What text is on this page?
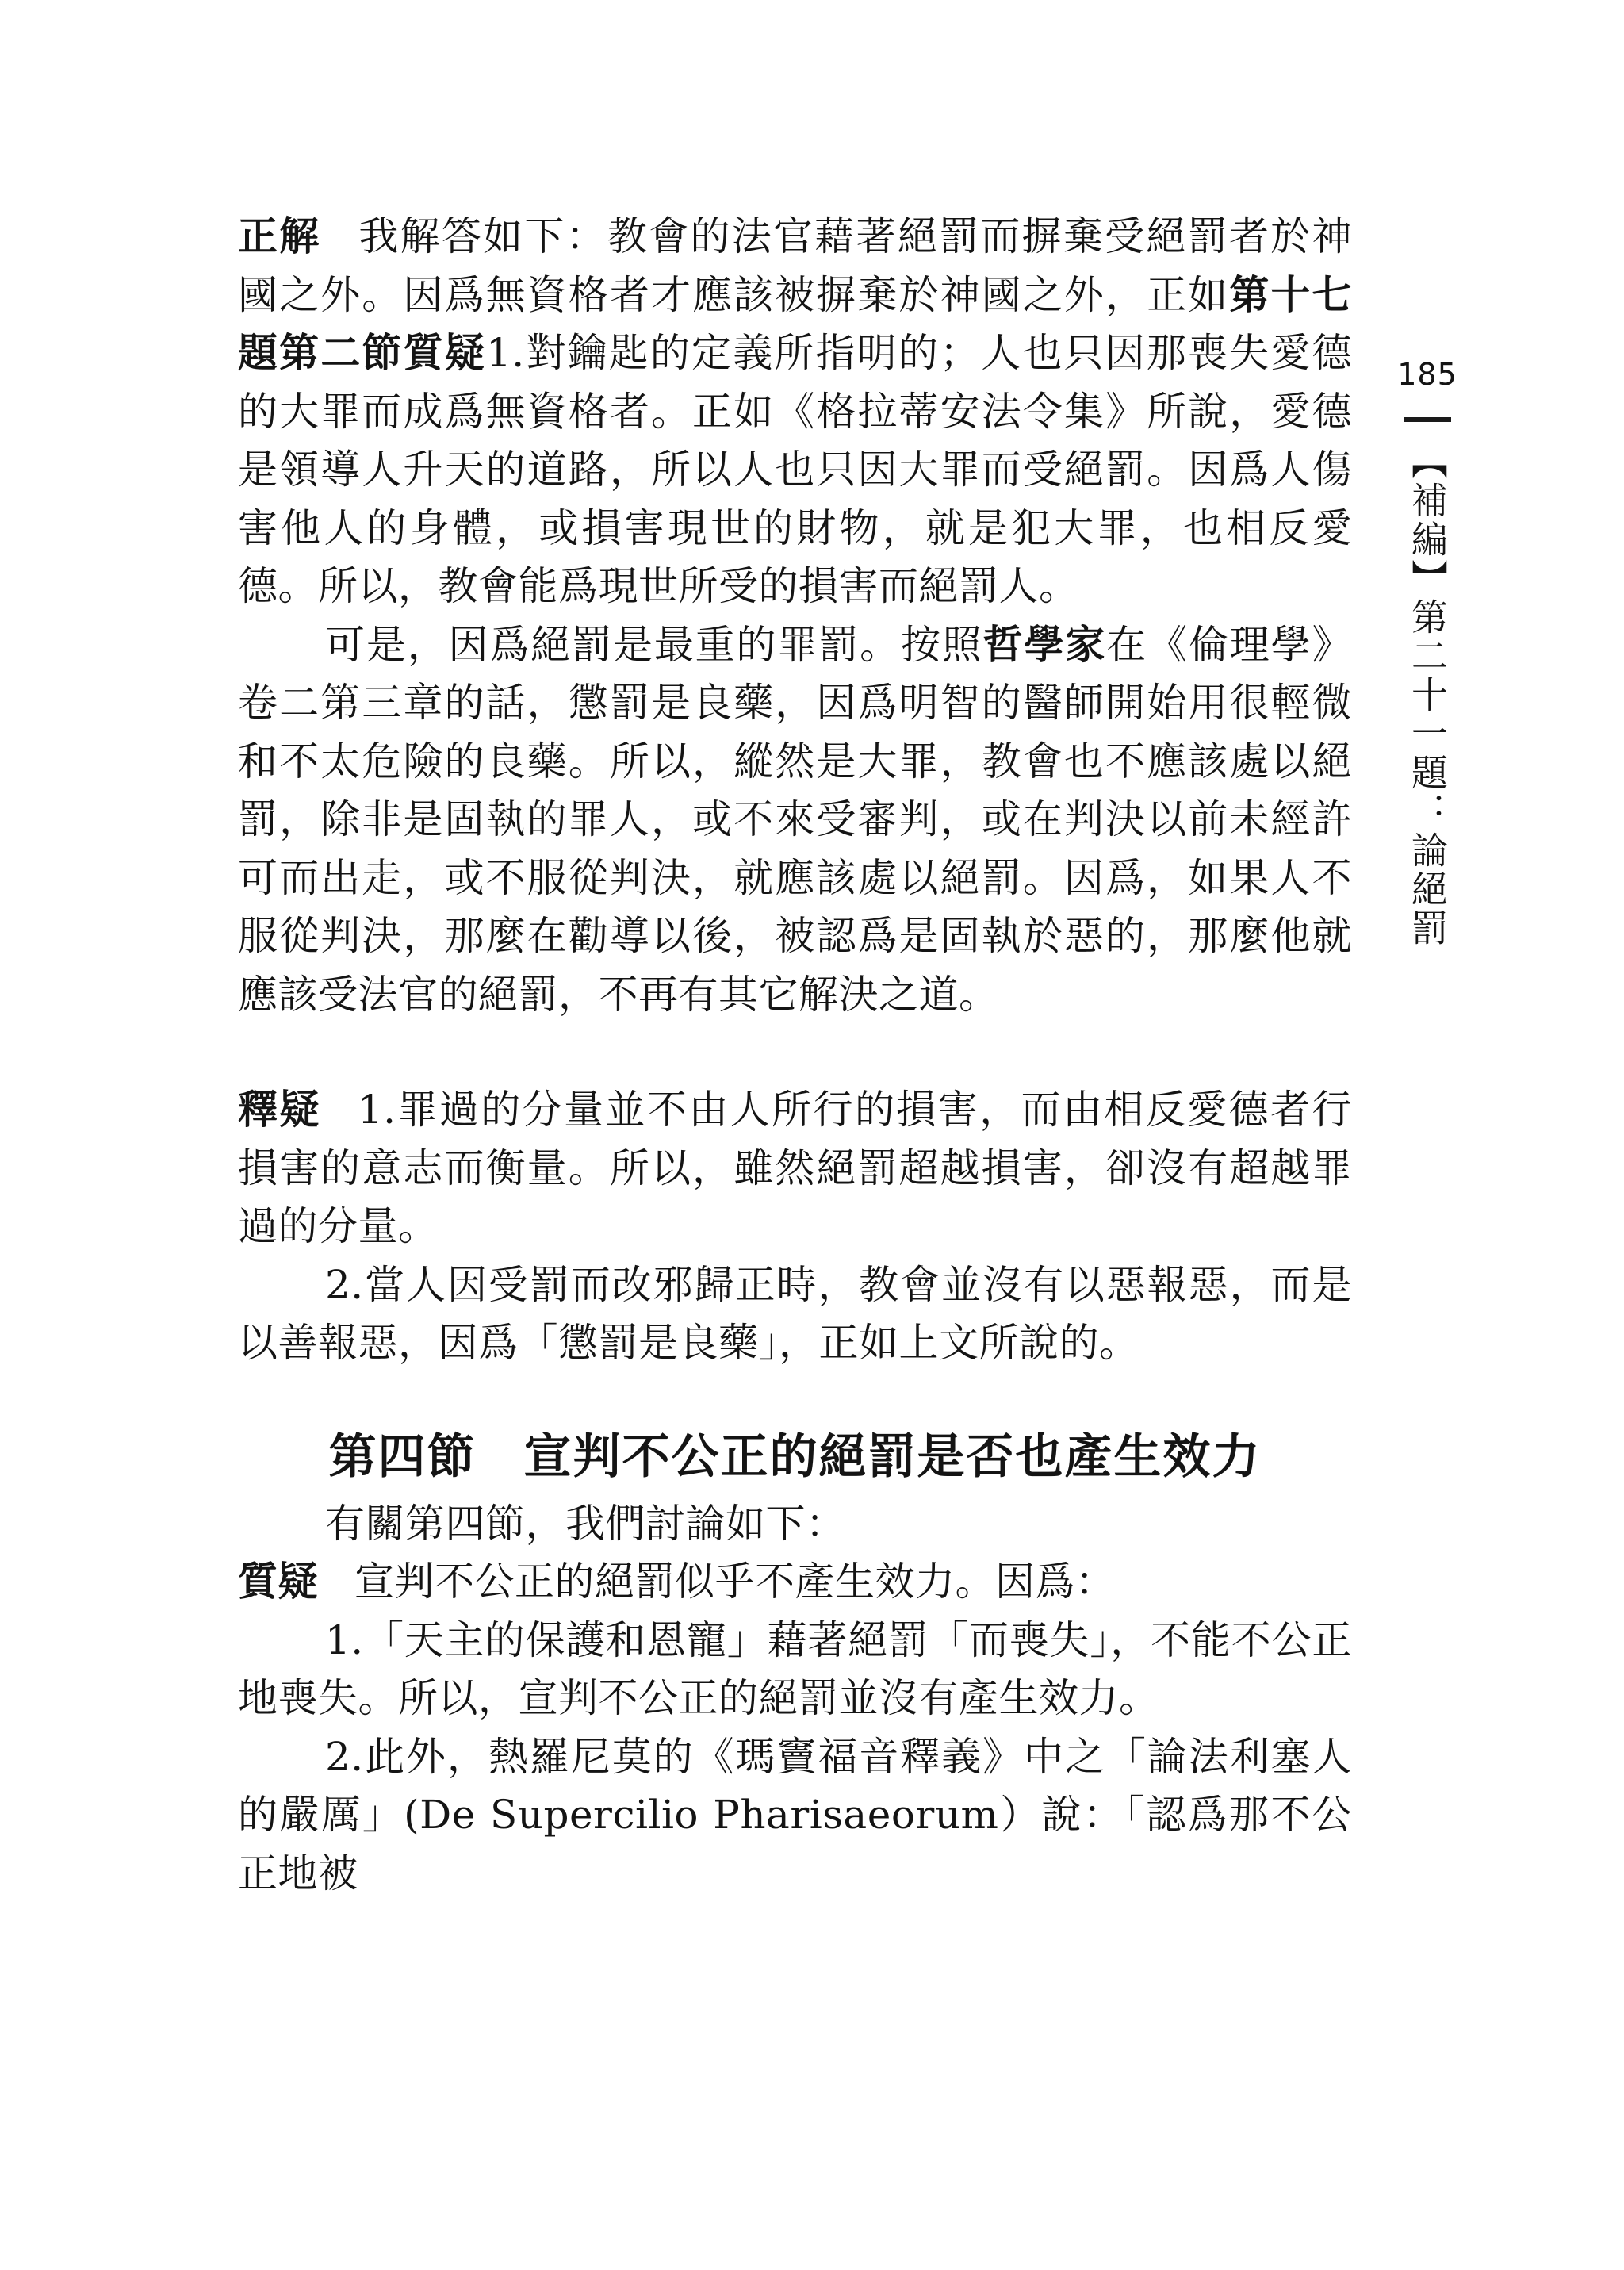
正解 我解答如下：教會的法官藉著絕罰而摒棄受絕罰者於神國之外。因爲無資格者才應該被摒棄於神國之外，正如第十七題第二節質疑1.對鑰匙的定義所指明的；人也只因那喪失愛德的大罪而成爲無資格者。正如《格拉蒂安法令集》所說，愛德是領導人升天的道路，所以人也只因大罪而受絕罰。因爲人傷害他人的身體，或損害現世的財物，就是犯大罪，也相反愛德。所以，教會能爲現世所受的損害而絕罰人。

可是，因爲絕罰是最重的罪罰。按照哲學家在《倫理學》卷二第三章的話，懲罰是良藥，因爲明智的醫師開始用很輕微和不太危險的良藥。所以，縱然是大罪，教會也不應該處以絕罰，除非是固執的罪人，或不來受審判，或在判決以前未經許可而出走，或不服從判決，就應該處以絕罰。因爲，如果人不服從判決，那麼在勸導以後，被認爲是固執於惡的，那麼他就應該受法官的絕罰，不再有其它解決之道。

釋疑 1.罪過的分量並不由人所行的損害，而由相反愛德者行損害的意志而衡量。所以，雖然絕罰超越損害，卻沒有超越罪過的分量。

2.當人因受罰而改邪歸正時，教會並沒有以惡報惡，而是以善報惡，因爲「懲罰是良藥」，正如上文所說的。

第四節 宣判不公正的絕罰是否也產生效力

有關第四節，我們討論如下：

質疑 宣判不公正的絕罰似乎不產生效力。因爲：

1.「天主的保護和恩寵」藉著絕罰「而喪失」，不能不公正地喪失。所以，宣判不公正的絕罰並沒有產生效力。

2.此外，熱羅尼莫的《瑪竇福音釋義》中之「論法利塞人的嚴厲」(De Supercilio Pharisaeorum）說：「認爲那不公正地被

185
【補編】第二十一題：論絕罰
